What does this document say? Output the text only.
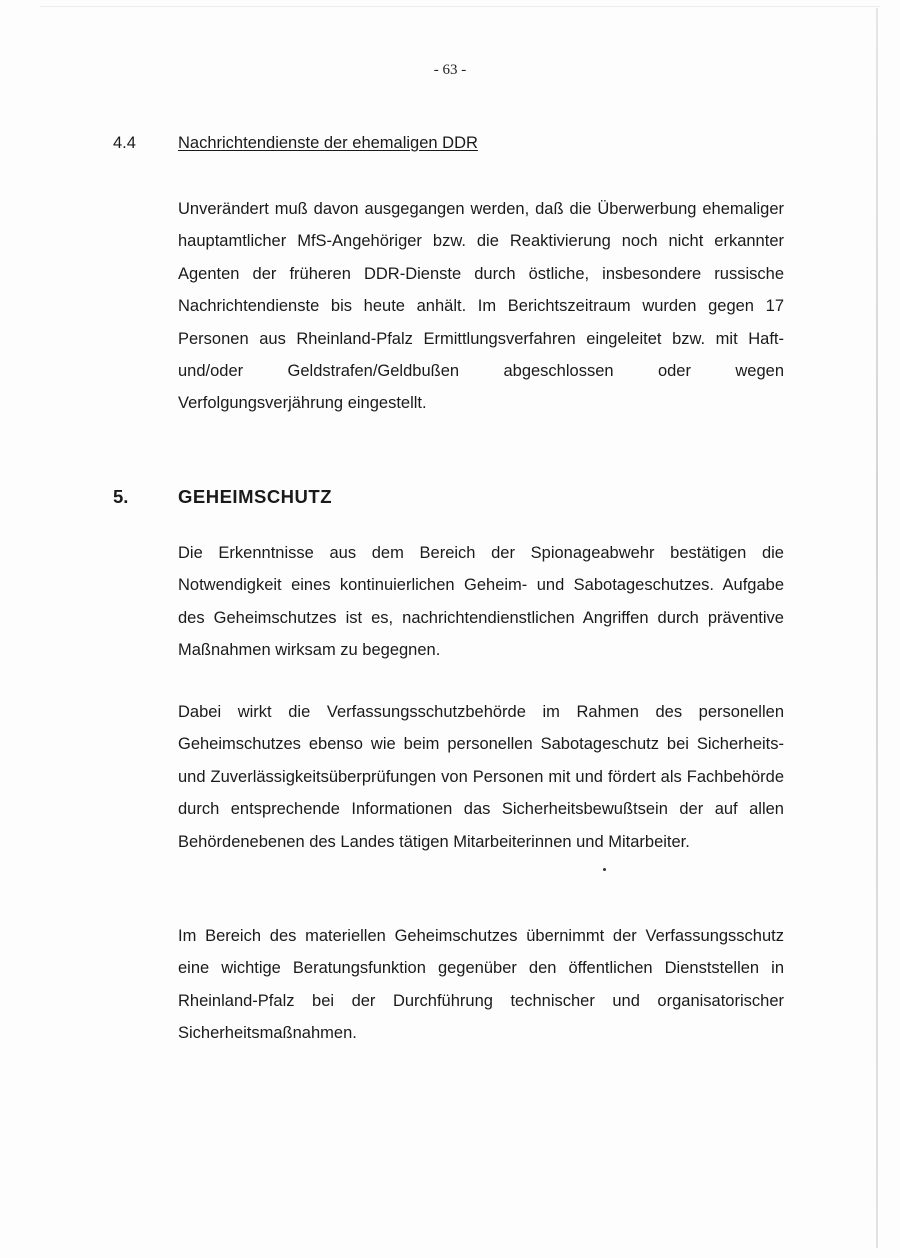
- 63 -
4.4	Nachrichtendienste der ehemaligen DDR

Unverändert muß davon ausgegangen werden, daß die Überwerbung ehemaliger hauptamtlicher MfS-Angehöriger bzw. die Reaktivierung noch nicht erkannter Agenten der früheren DDR-Dienste durch östliche, insbesondere russische Nachrichtendienste bis heute anhält. Im Berichtszeitraum wurden gegen 17 Personen aus Rheinland-Pfalz Ermittlungsverfahren eingeleitet bzw. mit Haft- und/oder Geldstrafen/Geldbußen abgeschlossen oder wegen Verfolgungsverjährung eingestellt.

5.	GEHEIMSCHUTZ

Die Erkenntnisse aus dem Bereich der Spionageabwehr bestätigen die Notwendigkeit eines kontinuierlichen Geheim- und Sabotageschutzes. Aufgabe des Geheimschutzes ist es, nachrichtendienstlichen Angriffen durch präventive Maßnahmen wirksam zu begegnen.

Dabei wirkt die Verfassungsschutzbehörde im Rahmen des personellen Geheimschutzes ebenso wie beim personellen Sabotageschutz bei Sicherheits- und Zuverlässigkeitsüberprüfungen von Personen mit und fördert als Fachbehörde durch entsprechende Informationen das Sicherheitsbewußtsein der auf allen Behördenebenen des Landes tätigen Mitarbeiterinnen und Mitarbeiter.

Im Bereich des materiellen Geheimschutzes übernimmt der Verfassungsschutz eine wichtige Beratungsfunktion gegenüber den öffentlichen Dienststellen in Rheinland-Pfalz bei der Durchführung technischer und organisatorischer Sicherheitsmaßnahmen.
